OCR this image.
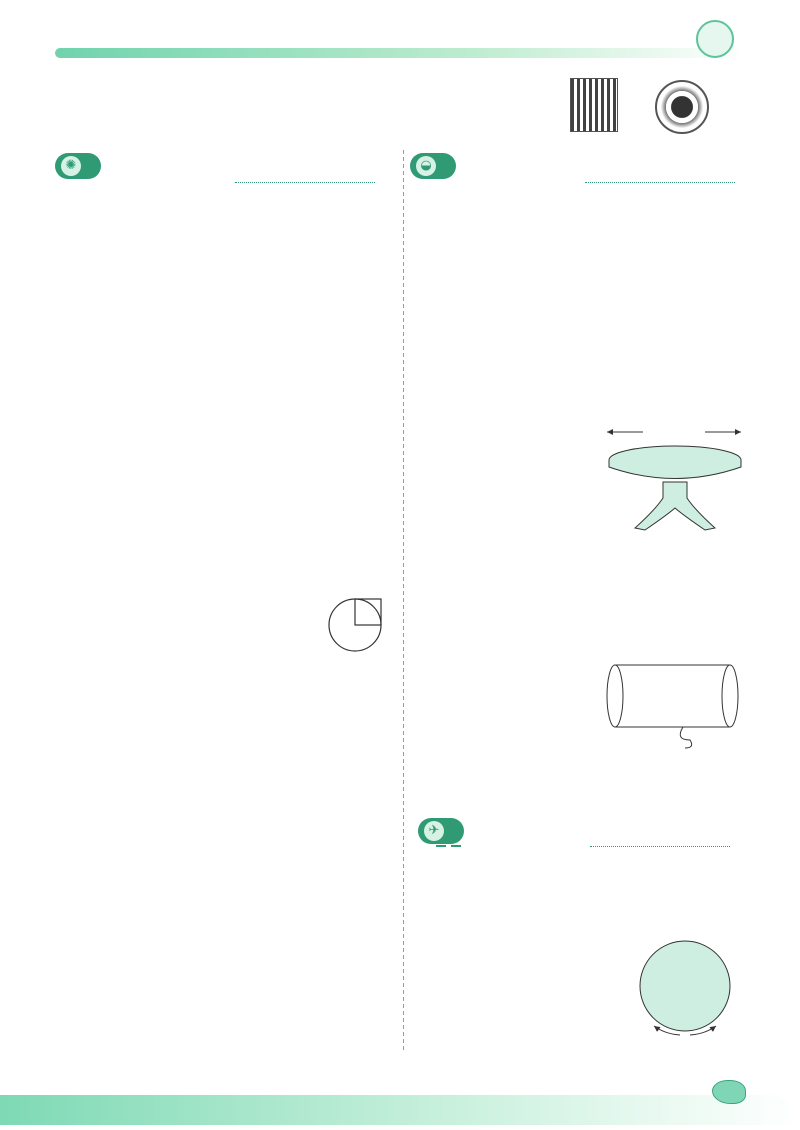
✺	◒
✈
